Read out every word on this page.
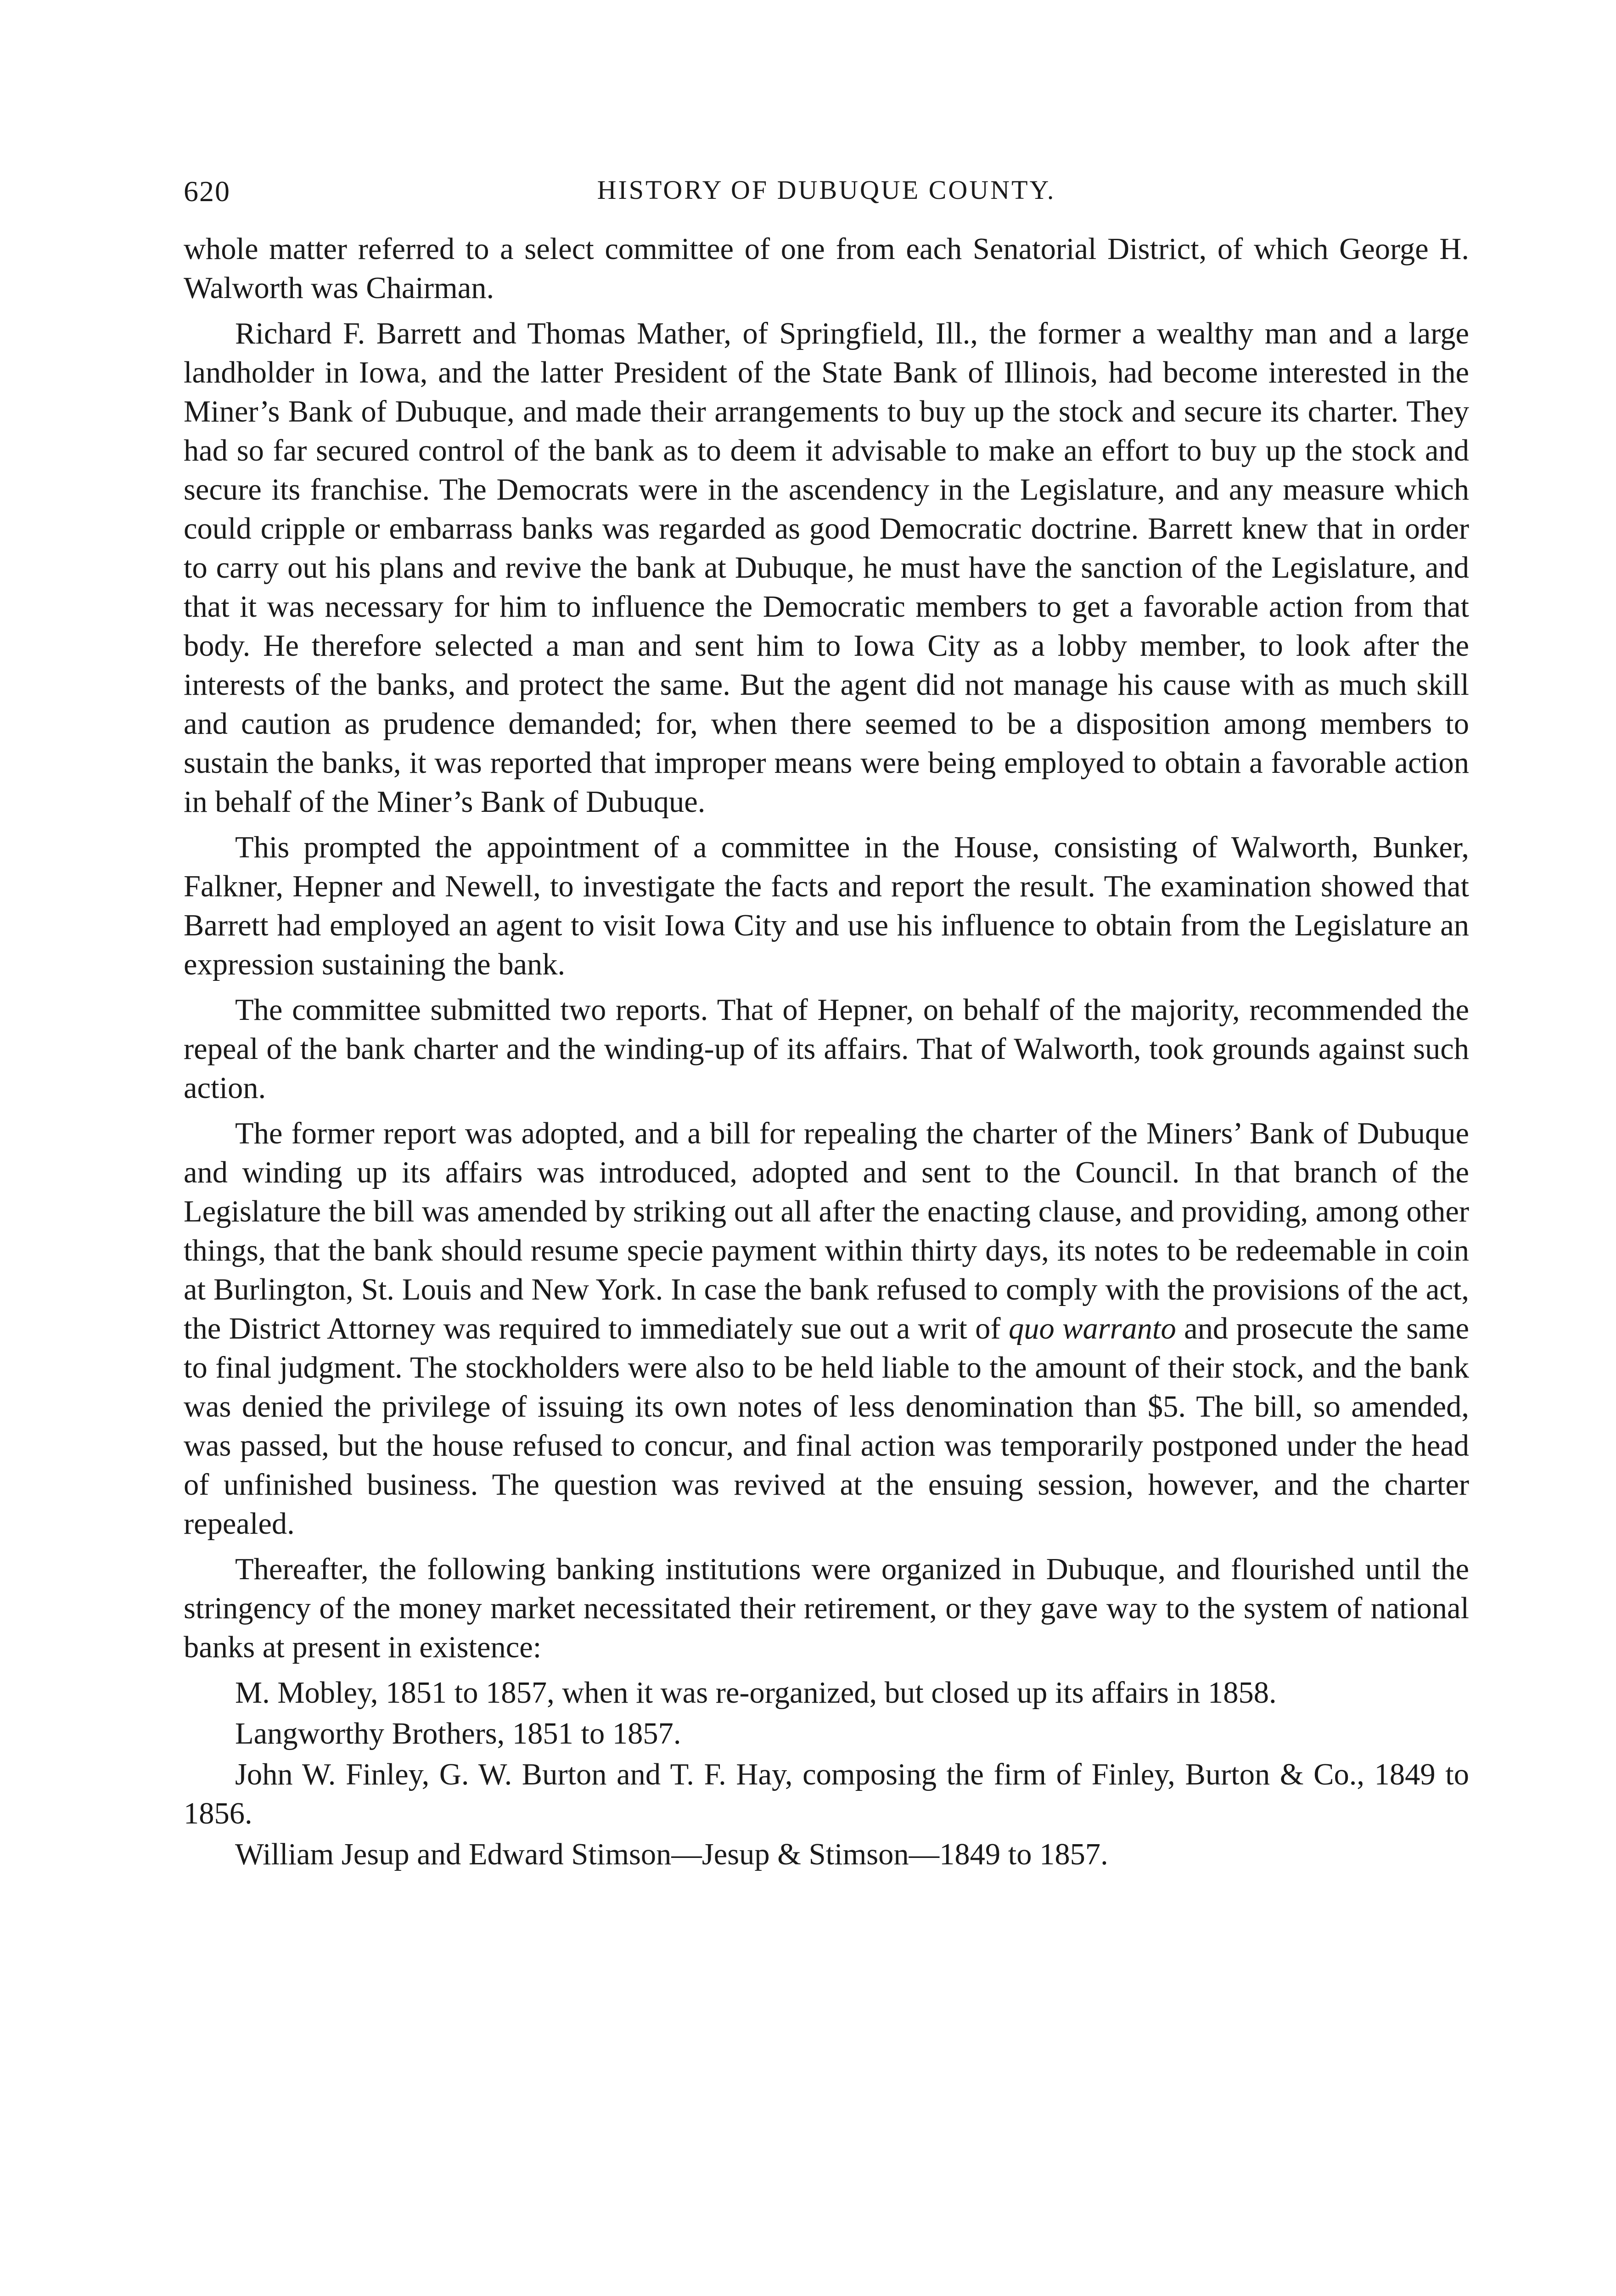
620	HISTORY OF DUBUQUE COUNTY.

whole matter referred to a select committee of one from each Senatorial District, of which George H. Walworth was Chairman.

Richard F. Barrett and Thomas Mather, of Springfield, Ill., the former a wealthy man and a large landholder in Iowa, and the latter President of the State Bank of Illinois, had become interested in the Miner’s Bank of Dubuque, and made their arrangements to buy up the stock and secure its charter. They had so far secured control of the bank as to deem it advisable to make an effort to buy up the stock and secure its franchise. The Democrats were in the ascendency in the Legislature, and any measure which could cripple or embarrass banks was regarded as good Democratic doctrine. Barrett knew that in order to carry out his plans and revive the bank at Dubuque, he must have the sanction of the Legislature, and that it was necessary for him to influence the Democratic members to get a favorable action from that body. He therefore selected a man and sent him to Iowa City as a lobby member, to look after the interests of the banks, and protect the same. But the agent did not manage his cause with as much skill and caution as prudence demanded; for, when there seemed to be a disposition among members to sustain the banks, it was reported that improper means were being employed to obtain a favorable action in behalf of the Miner’s Bank of Dubuque.

This prompted the appointment of a committee in the House, consisting of Walworth, Bunker, Falkner, Hepner and Newell, to investigate the facts and report the result. The examination showed that Barrett had employed an agent to visit Iowa City and use his influence to obtain from the Legislature an expression sustaining the bank.

The committee submitted two reports. That of Hepner, on behalf of the majority, recommended the repeal of the bank charter and the winding-up of its affairs. That of Walworth, took grounds against such action.

The former report was adopted, and a bill for repealing the charter of the Miners’ Bank of Dubuque and winding up its affairs was introduced, adopted and sent to the Council. In that branch of the Legislature the bill was amended by striking out all after the enacting clause, and providing, among other things, that the bank should resume specie payment within thirty days, its notes to be redeemable in coin at Burlington, St. Louis and New York. In case the bank refused to comply with the provisions of the act, the District Attorney was required to immediately sue out a writ of quo warranto and prosecute the same to final judgment. The stockholders were also to be held liable to the amount of their stock, and the bank was denied the privilege of issuing its own notes of less denomination than $5. The bill, so amended, was passed, but the house refused to concur, and final action was temporarily postponed under the head of unfinished business. The question was revived at the ensuing session, however, and the charter repealed.

Thereafter, the following banking institutions were organized in Dubuque, and flourished until the stringency of the money market necessitated their retirement, or they gave way to the system of national banks at present in existence:

M. Mobley, 1851 to 1857, when it was re-organized, but closed up its affairs in 1858.

Langworthy Brothers, 1851 to 1857.

John W. Finley, G. W. Burton and T. F. Hay, composing the firm of Finley, Burton & Co., 1849 to 1856.

William Jesup and Edward Stimson—Jesup & Stimson—1849 to 1857.
